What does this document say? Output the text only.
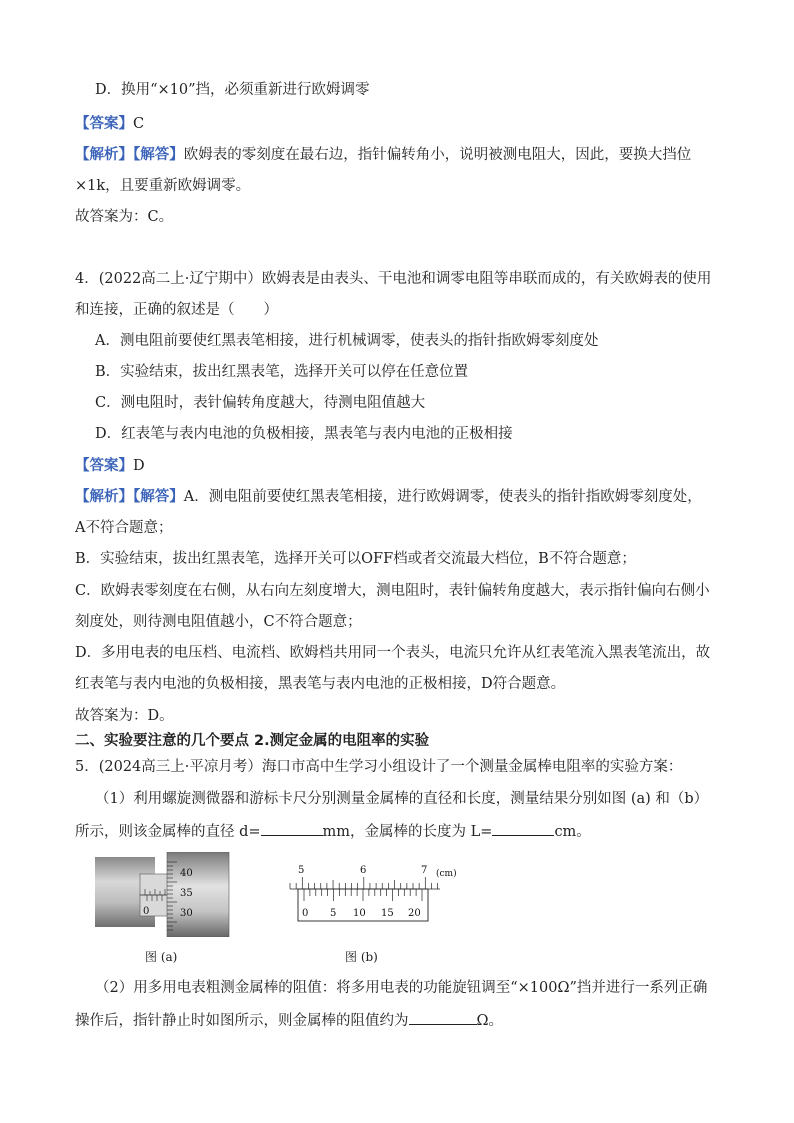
D．换用“×10”挡，必须重新进行欧姆调零
【答案】C
【解析】【解答】欧姆表的零刻度在最右边，指针偏转角小，说明被测电阻大，因此，要换大挡位
×1k，且要重新欧姆调零。
故答案为：C。
4．(2022高二上·辽宁期中）欧姆表是由表头、干电池和调零电阻等串联而成的，有关欧姆表的使用
和连接，正确的叙述是（　　）
A．测电阻前要使红黑表笔相接，进行机械调零，使表头的指针指欧姆零刻度处
B．实验结束，拔出红黑表笔，选择开关可以停在任意位置
C．测电阻时，表针偏转角度越大，待测电阻值越大
D．红表笔与表内电池的负极相接，黑表笔与表内电池的正极相接
【答案】D
【解析】【解答】A．测电阻前要使红黑表笔相接，进行欧姆调零，使表头的指针指欧姆零刻度处，
A不符合题意；
B．实验结束，拔出红黑表笔，选择开关可以OFF档或者交流最大档位，B不符合题意；
C．欧姆表零刻度在右侧，从右向左刻度增大，测电阻时，表针偏转角度越大，表示指针偏向右侧小
刻度处，则待测电阻值越小，C不符合题意；
D．多用电表的电压档、电流档、欧姆档共用同一个表头，电流只允许从红表笔流入黑表笔流出，故
红表笔与表内电池的负极相接，黑表笔与表内电池的正极相接，D符合题意。
故答案为：D。
二、实验要注意的几个要点 2.测定金属的电阻率的实验
5．(2024高三上·平凉月考）海口市高中生学习小组设计了一个测量金属棒电阻率的实验方案：
（1）利用螺旋测微器和游标卡尺分别测量金属棒的直径和长度，测量结果分别如图 (a) 和（b）
所示，则该金属棒的直径 d=	mm，金属棒的长度为 L=	cm。
0
40
35
30
图 (a)
5	6	7 (cm)
0 5 10 15 20
图 (b)
（2）用多用电表粗测金属棒的阻值：将多用电表的功能旋钮调至“×100Ω”挡并进行一系列正确
操作后，指针静止时如图所示，则金属棒的阻值约为	Ω。
